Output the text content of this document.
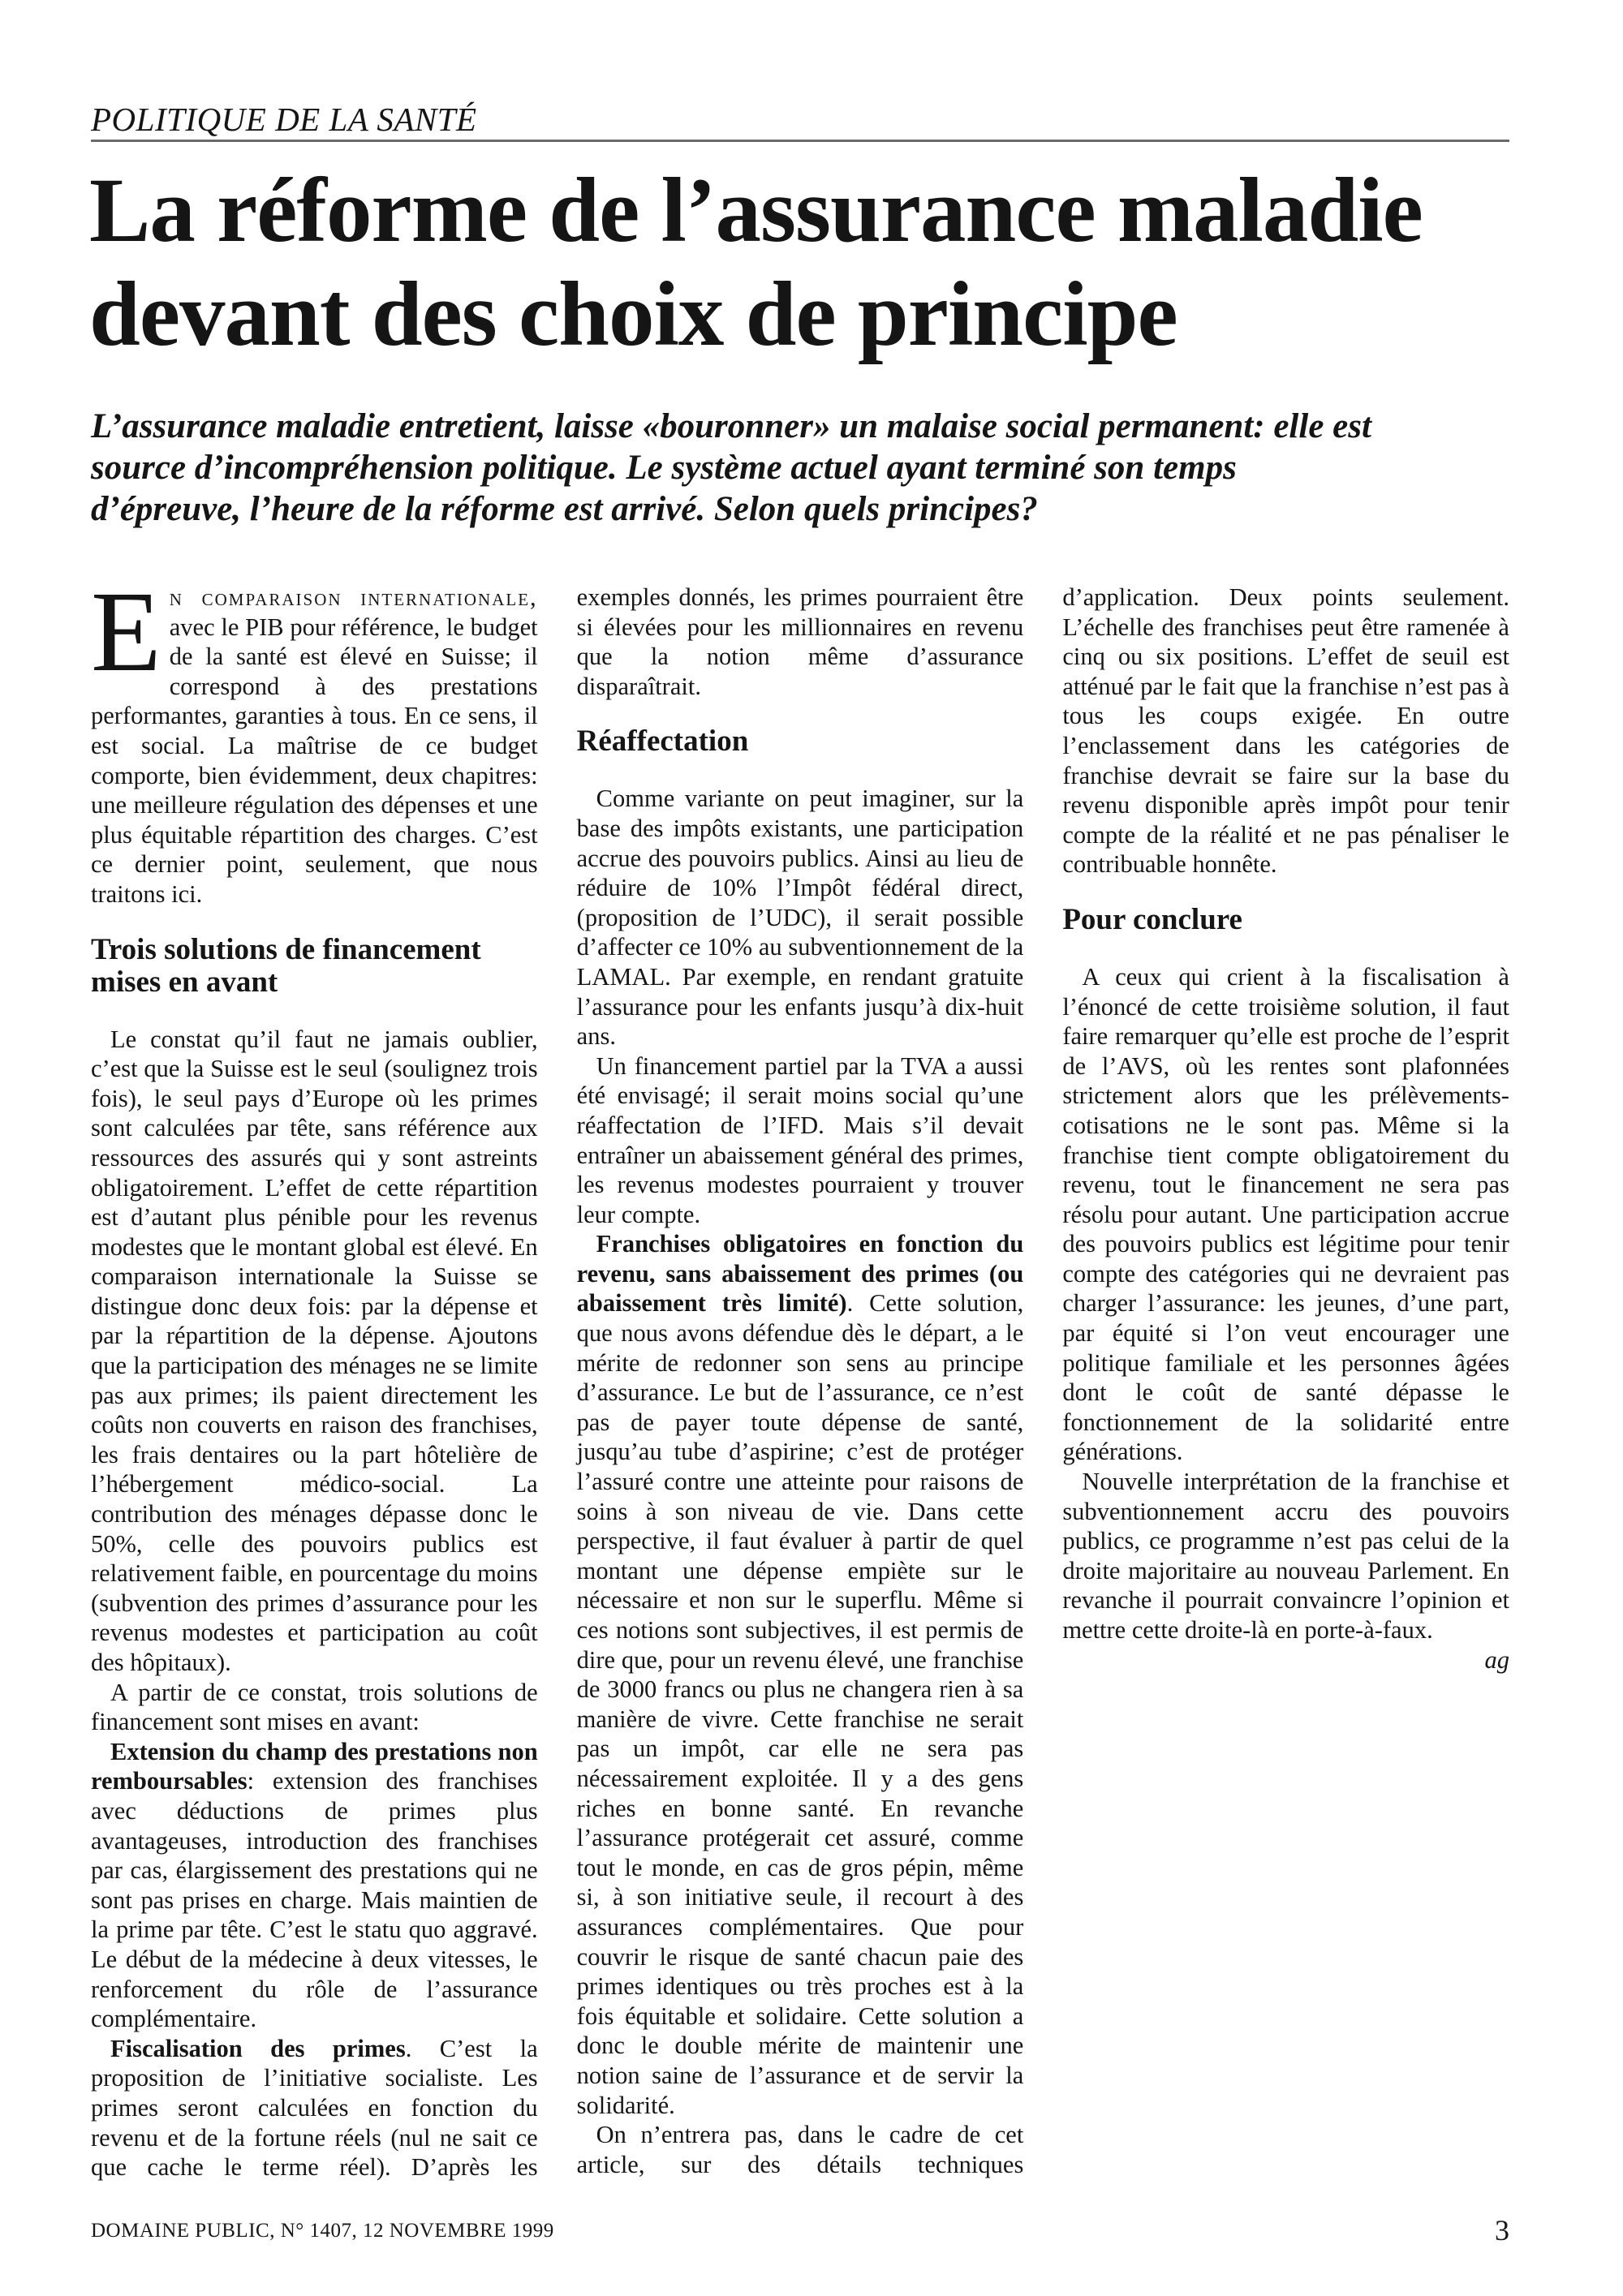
POLITIQUE DE LA SANTÉ
La réforme de l’assurance maladie
devant des choix de principe

L’assurance maladie entretient, laisse «bouronner» un malaise social permanent: elle est source d’incompréhension politique. Le système actuel ayant terminé son temps d’épreuve, l’heure de la réforme est arrivé. Selon quels principes?

En comparaison internationale, avec le PIB pour référence, le budget de la santé est élevé en Suisse; il correspond à des prestations performantes, garanties à tous. En ce sens, il est social. La maîtrise de ce budget comporte, bien évidemment, deux chapitres: une meilleure régulation des dépenses et une plus équitable répartition des charges. C’est ce dernier point, seulement, que nous traitons ici.

Trois solutions de financement mises en avant

Le constat qu’il faut ne jamais oublier, c’est que la Suisse est le seul (soulignez trois fois), le seul pays d’Europe où les primes sont calculées par tête, sans référence aux ressources des assurés qui y sont astreints obligatoirement. L’effet de cette répartition est d’autant plus pénible pour les revenus modestes que le montant global est élevé. En comparaison internationale la Suisse se distingue donc deux fois: par la dépense et par la répartition de la dépense. Ajoutons que la participation des ménages ne se limite pas aux primes; ils paient directement les coûts non couverts en raison des franchises, les frais dentaires ou la part hôtelière de l’hébergement médico-social. La contribution des ménages dépasse donc le 50%, celle des pouvoirs publics est relativement faible, en pourcentage du moins (subvention des primes d’assurance pour les revenus modestes et participation au coût des hôpitaux).

A partir de ce constat, trois solutions de financement sont mises en avant:

Extension du champ des prestations non remboursables: extension des franchises avec déductions de primes plus avantageuses, introduction des franchises par cas, élargissement des prestations qui ne sont pas prises en charge. Mais maintien de la prime par tête. C’est le statu quo aggravé. Le début de la médecine à deux vitesses, le renforcement du rôle de l’assurance complémentaire.

Fiscalisation des primes. C’est la proposition de l’initiative socialiste. Les primes seront calculées en fonction du revenu et de la fortune réels (nul ne sait ce que cache le terme réel). D’après les exemples donnés, les primes pourraient être si élevées pour les millionnaires en revenu que la notion même d’assurance disparaîtrait.

Réaffectation

Comme variante on peut imaginer, sur la base des impôts existants, une participation accrue des pouvoirs publics. Ainsi au lieu de réduire de 10% l’Impôt fédéral direct, (proposition de l’UDC), il serait possible d’affecter ce 10% au subventionnement de la LAMAL. Par exemple, en rendant gratuite l’assurance pour les enfants jusqu’à dix-huit ans.

Un financement partiel par la TVA a aussi été envisagé; il serait moins social qu’une réaffectation de l’IFD. Mais s’il devait entraîner un abaissement général des primes, les revenus modestes pourraient y trouver leur compte.

Franchises obligatoires en fonction du revenu, sans abaissement des primes (ou abaissement très limité). Cette solution, que nous avons défendue dès le départ, a le mérite de redonner son sens au principe d’assurance. Le but de l’assurance, ce n’est pas de payer toute dépense de santé, jusqu’au tube d’aspirine; c’est de protéger l’assuré contre une atteinte pour raisons de soins à son niveau de vie. Dans cette perspective, il faut évaluer à partir de quel montant une dépense empiète sur le nécessaire et non sur le superflu. Même si ces notions sont subjectives, il est permis de dire que, pour un revenu élevé, une franchise de 3000 francs ou plus ne changera rien à sa manière de vivre. Cette franchise ne serait pas un impôt, car elle ne sera pas nécessairement exploitée. Il y a des gens riches en bonne santé. En revanche l’assurance protégerait cet assuré, comme tout le monde, en cas de gros pépin, même si, à son initiative seule, il recourt à des assurances complémentaires. Que pour couvrir le risque de santé chacun paie des primes identiques ou très proches est à la fois équitable et solidaire. Cette solution a donc le double mérite de maintenir une notion saine de l’assurance et de servir la solidarité.

On n’entrera pas, dans le cadre de cet article, sur des détails techniques d’application. Deux points seulement. L’échelle des franchises peut être ramenée à cinq ou six positions. L’effet de seuil est atténué par le fait que la franchise n’est pas à tous les coups exigée. En outre l’enclassement dans les catégories de franchise devrait se faire sur la base du revenu disponible après impôt pour tenir compte de la réalité et ne pas pénaliser le contribuable honnête.

Pour conclure

A ceux qui crient à la fiscalisation à l’énoncé de cette troisième solution, il faut faire remarquer qu’elle est proche de l’esprit de l’AVS, où les rentes sont plafonnées strictement alors que les prélèvements-cotisations ne le sont pas. Même si la franchise tient compte obligatoirement du revenu, tout le financement ne sera pas résolu pour autant. Une participation accrue des pouvoirs publics est légitime pour tenir compte des catégories qui ne devraient pas charger l’assurance: les jeunes, d’une part, par équité si l’on veut encourager une politique familiale et les personnes âgées dont le coût de santé dépasse le fonctionnement de la solidarité entre générations.

Nouvelle interprétation de la franchise et subventionnement accru des pouvoirs publics, ce programme n’est pas celui de la droite majoritaire au nouveau Parlement. En revanche il pourrait convaincre l’opinion et mettre cette droite-là en porte-à-faux.

ag

DOMAINE PUBLIC, N° 1407, 12 NOVEMBRE 1999	3
